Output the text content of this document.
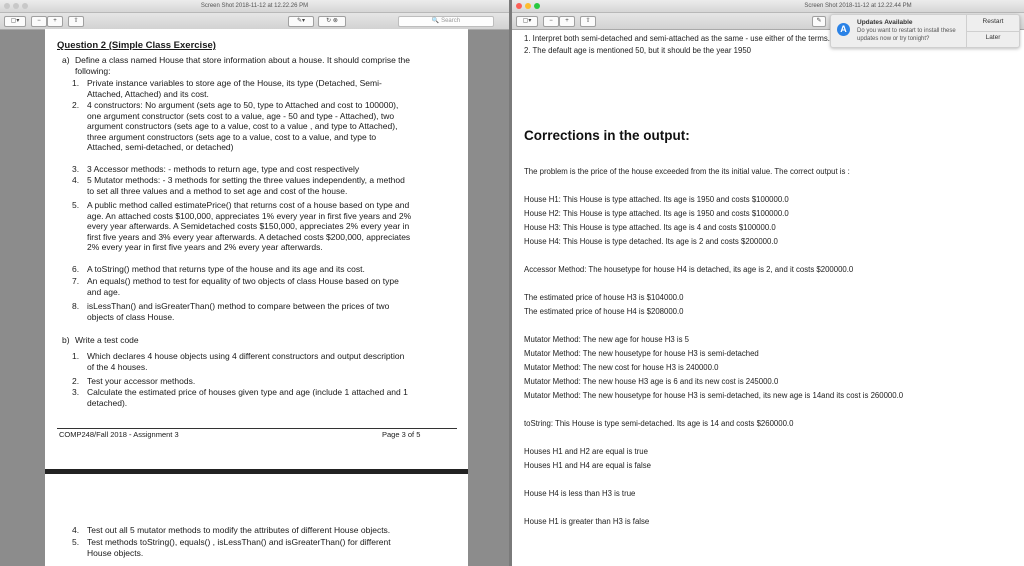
Screen Shot 2018-11-12 at 12.22.26 PM
▢▾	−	+	⇧	✎▾	↻ ⊗	🔍 Search
Question 2 (Simple Class Exercise)
a) Define a class named House that store information about a house. It should comprise the
following:
1. Private instance variables to store age of the House, its type (Detached, Semi-
Attached, Attached) and its cost.
2. 4 constructors: No argument (sets age to 50, type to Attached and cost to 100000),
one argument constructor (sets cost to a value, age - 50 and type - Attached), two
argument constructors (sets age to a value, cost to a value , and type to Attached),
three argument constructors (sets age to a value, cost to a value, and type to
Attached, semi-detached, or detached)
3. 3 Accessor methods: - methods to return age, type and cost respectively
4. 5 Mutator methods: - 3 methods for setting the three values independently, a method
to set all three values and a method to set age and cost of the house.
5. A public method called estimatePrice() that returns cost of a house based on type and
age. An attached costs $100,000, appreciates 1% every year in first five years and 2%
every year afterwards. A Semidetached costs $150,000, appreciates 2% every year in
first five years and 3% every year afterwards. A detached costs $200,000, appreciates
2% every year in first five years and 2% every year afterwards.
6. A toString() method that returns type of the house and its age and its cost.
7. An equals() method to test for equality of two objects of class House based on type
and age.
8. isLessThan() and isGreaterThan() method to compare between the prices of two
objects of class House.
b) Write a test code
1. Which declares 4 house objects using 4 different constructors and output description
of the 4 houses.
2. Test your accessor methods.
3. Calculate the estimated price of houses given type and age (include 1 attached and 1
detached).
COMP248/Fall 2018 - Assignment 3	Page 3 of 5
4. Test out all 5 mutator methods to modify the attributes of different House objects.
5. Test methods toString(), equals() , isLessThan() and isGreaterThan() for different
House objects.
Screen Shot 2018-11-12 at 12.22.44 PM
▢▾	−	+	⇧	✎
1. Interpret both semi-detached and semi-attached as the same - use either of the terms.
2. The default age is mentioned 50, but it should be the year 1950
Corrections in the output:
The problem is the price of the house exceeded from the its initial value. The correct output is :
House H1: This House is type attached. Its age is 1950 and costs $100000.0
House H2: This House is type attached. Its age is 1950 and costs $100000.0
House H3: This House is type attached. Its age is 4 and costs $100000.0
House H4: This House is type detached. Its age is 2 and costs $200000.0
Accessor Method: The housetype for house H4 is detached, its age is 2, and it costs $200000.0
The estimated price of house H3 is $104000.0
The estimated price of house H4 is $208000.0
Mutator Method: The new age for house H3 is 5
Mutator Method: The new housetype for house H3 is semi-detached
Mutator Method: The new cost for house H3 is 240000.0
Mutator Method: The new house H3 age is 6 and its new cost is 245000.0
Mutator Method: The new housetype for house H3 is semi-detached, its new age is 14and its cost is 260000.0
toString: This House is type semi-detached. Its age is 14 and costs $260000.0
Houses H1 and H2 are equal is true
Houses H1 and H4 are equal is false
House H4 is less than H3 is true
House H1 is greater than H3 is false
A
Updates Available
Do you want to restart to install these
updates now or try tonight?
Restart
Later
